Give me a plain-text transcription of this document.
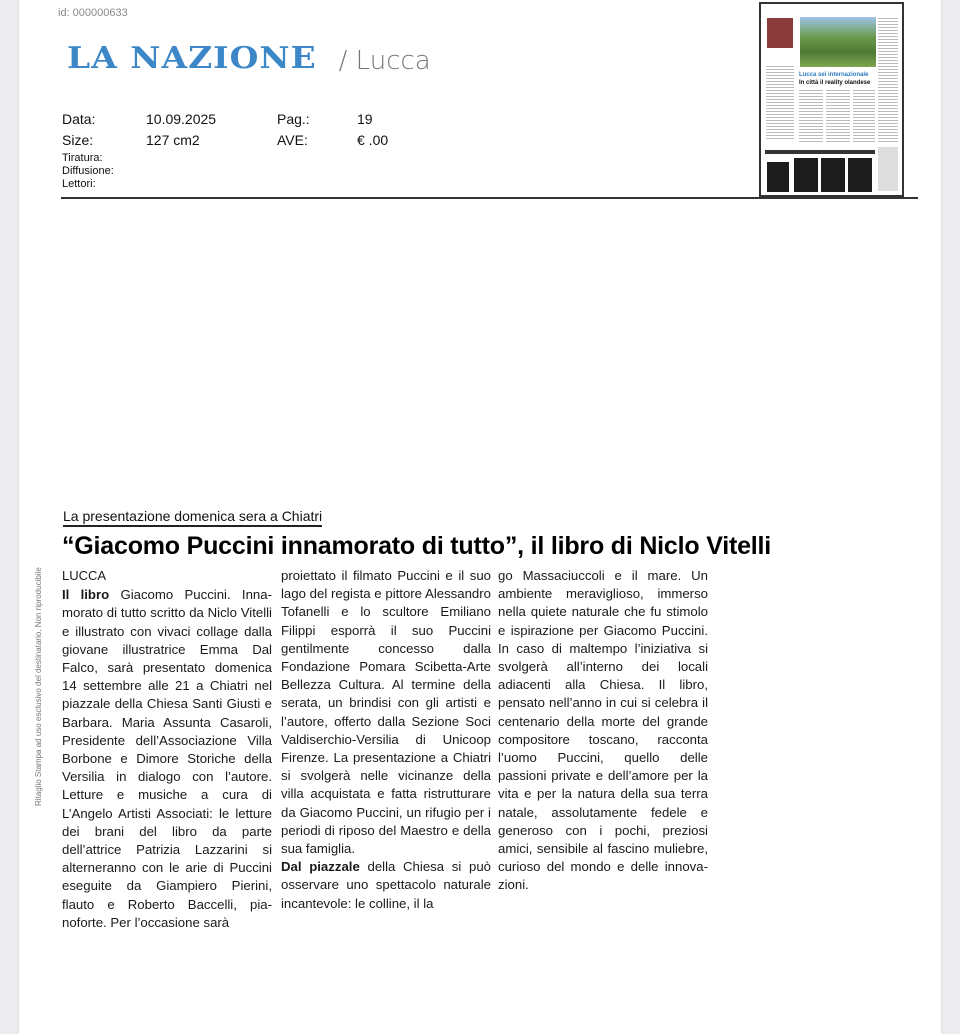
id: 000000633
LA NAZIONE / Lucca
Data:	10.09.2025	Pag.:	19
Size:	127 cm2	AVE:	€ .00
Tiratura:
Diffusione:
Lettori:
Lucca sei internazionale
In città il reality olandese
Ritaglio Stampa ad uso esclusivo del destinatario, Non riproducibile
La presentazione domenica sera a Chiatri
“Giacomo Puccini innamorato di tutto”, il libro di Niclo Vitelli
LUCCA
Il libro Giacomo Puccini. Innamorato di tutto scritto da Niclo Vitelli e illustrato con vivaci collage dalla giovane illustratrice Emma Dal Falco, sarà presentato domenica 14 settembre alle 21 a Chiatri nel piazzale della Chiesa Santi Giusti e Barbara. Maria Assunta Casaroli, Presidente dell’Associazione Villa Borbone e Dimore Storiche della Versilia in dialogo con l’autore. Letture e musiche a cura di L’Angelo Artisti Associati: le letture dei brani del libro da parte dell’attrice Patrizia Lazzarini si alterneranno con le arie di Puccini eseguite da Giampiero Pierini, flauto e Roberto Baccelli, pianoforte. Per l’occasione sarà
proiettato il filmato Puccini e il suo lago del regista e pittore Alessandro Tofanelli e lo scultore Emiliano Filippi esporrà il suo Puccini gentilmente concesso dalla Fondazione Pomara Scibetta-Arte Bellezza Cultura. Al termine della serata, un brindisi con gli artisti e l’autore, offerto dalla Sezione Soci Valdiserchio-Versilia di Unicoop Firenze. La presentazione a Chiatri si svolgerà nelle vicinanze della villa acquistata e fatta ristrutturare da Giacomo Puccini, un rifugio per i periodi di riposo del Maestro e della sua famiglia.
Dal piazzale della Chiesa si può osservare uno spettacolo naturale incantevole: le colline, il la
go Massaciuccoli e il mare. Un ambiente meraviglioso, immerso nella quiete naturale che fu stimolo e ispirazione per Giacomo Puccini. In caso di maltempo l’iniziativa si svolgerà all’interno dei locali adiacenti alla Chiesa. Il libro, pensato nell’anno in cui si celebra il centenario della morte del grande compositore toscano, racconta l’uomo Puccini, quello delle passioni private e dell’amore per la vita e per la natura della sua terra natale, assolutamente fedele e generoso con i pochi, preziosi amici, sensibile al fascino muliebre, curioso del mondo e delle innovazioni.
